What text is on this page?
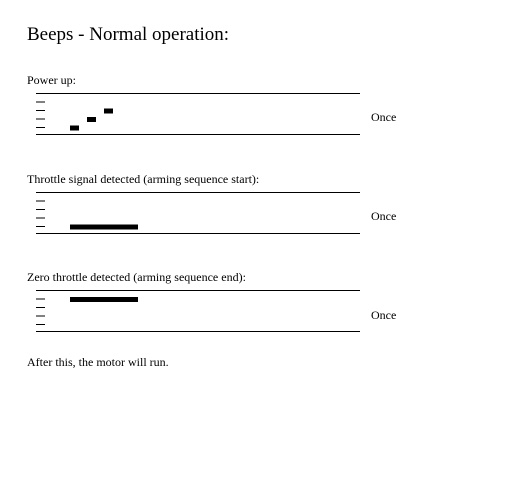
Beeps - Normal operation:
Power up:
Once
Throttle signal detected (arming sequence start):
Once
Zero throttle detected (arming sequence end):
Once
After this, the motor will run.
